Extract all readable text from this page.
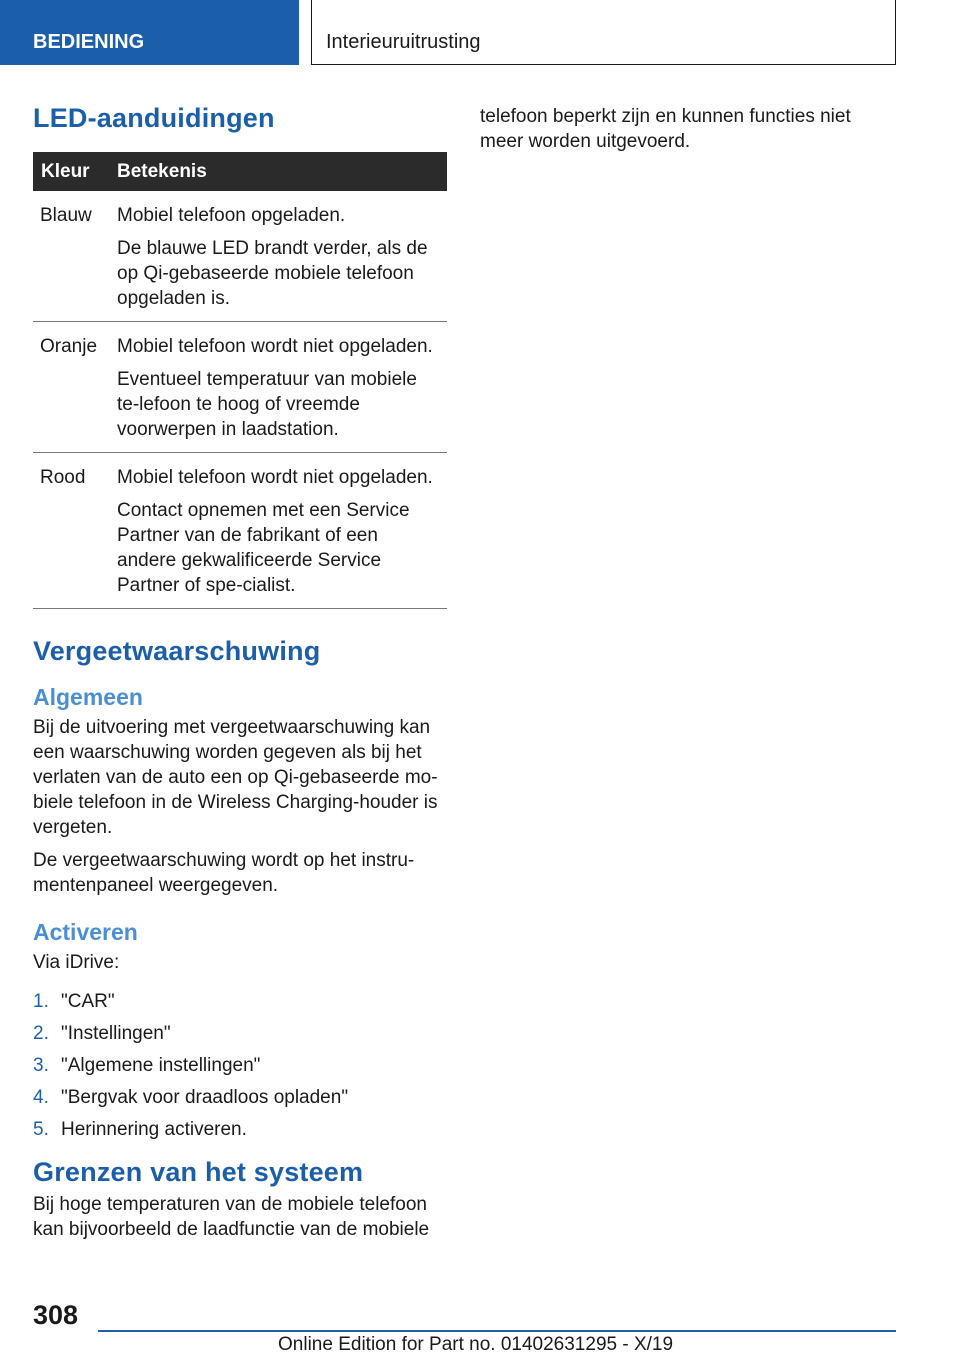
BEDIENING	Interieuruitrusting
LED-aanduidingen
Kleur	Betekenis
Blauw	Mobiel telefoon opgeladen.

De blauwe LED brandt verder, als de op Qi-gebaseerde mobiele telefoon opgeladen is.

Oranje	Mobiel telefoon wordt niet opgeladen.

Eventueel temperatuur van mobiele te-lefoon te hoog of vreemde voorwerpen in laadstation.

Rood	Mobiel telefoon wordt niet opgeladen.

Contact opnemen met een Service Partner van de fabrikant of een andere gekwalificeerde Service Partner of spe-cialist.

Vergeetwaarschuwing
Algemeen

Bij de uitvoering met vergeetwaarschuwing kan een waarschuwing worden gegeven als bij het verlaten van de auto een op Qi-gebaseerde mo-biele telefoon in de Wireless Charging-houder is vergeten.

De vergeetwaarschuwing wordt op het instru-mentenpaneel weergegeven.

Activeren

Via iDrive:

1. "CAR"
2. "Instellingen"
3. "Algemene instellingen"
4. "Bergvak voor draadloos opladen"
5. Herinnering activeren.
Grenzen van het systeem

Bij hoge temperaturen van de mobiele telefoon kan bijvoorbeeld de laadfunctie van de mobiele

telefoon beperkt zijn en kunnen functies niet meer worden uitgevoerd.

308
Online Edition for Part no. 01402631295 - X/19
